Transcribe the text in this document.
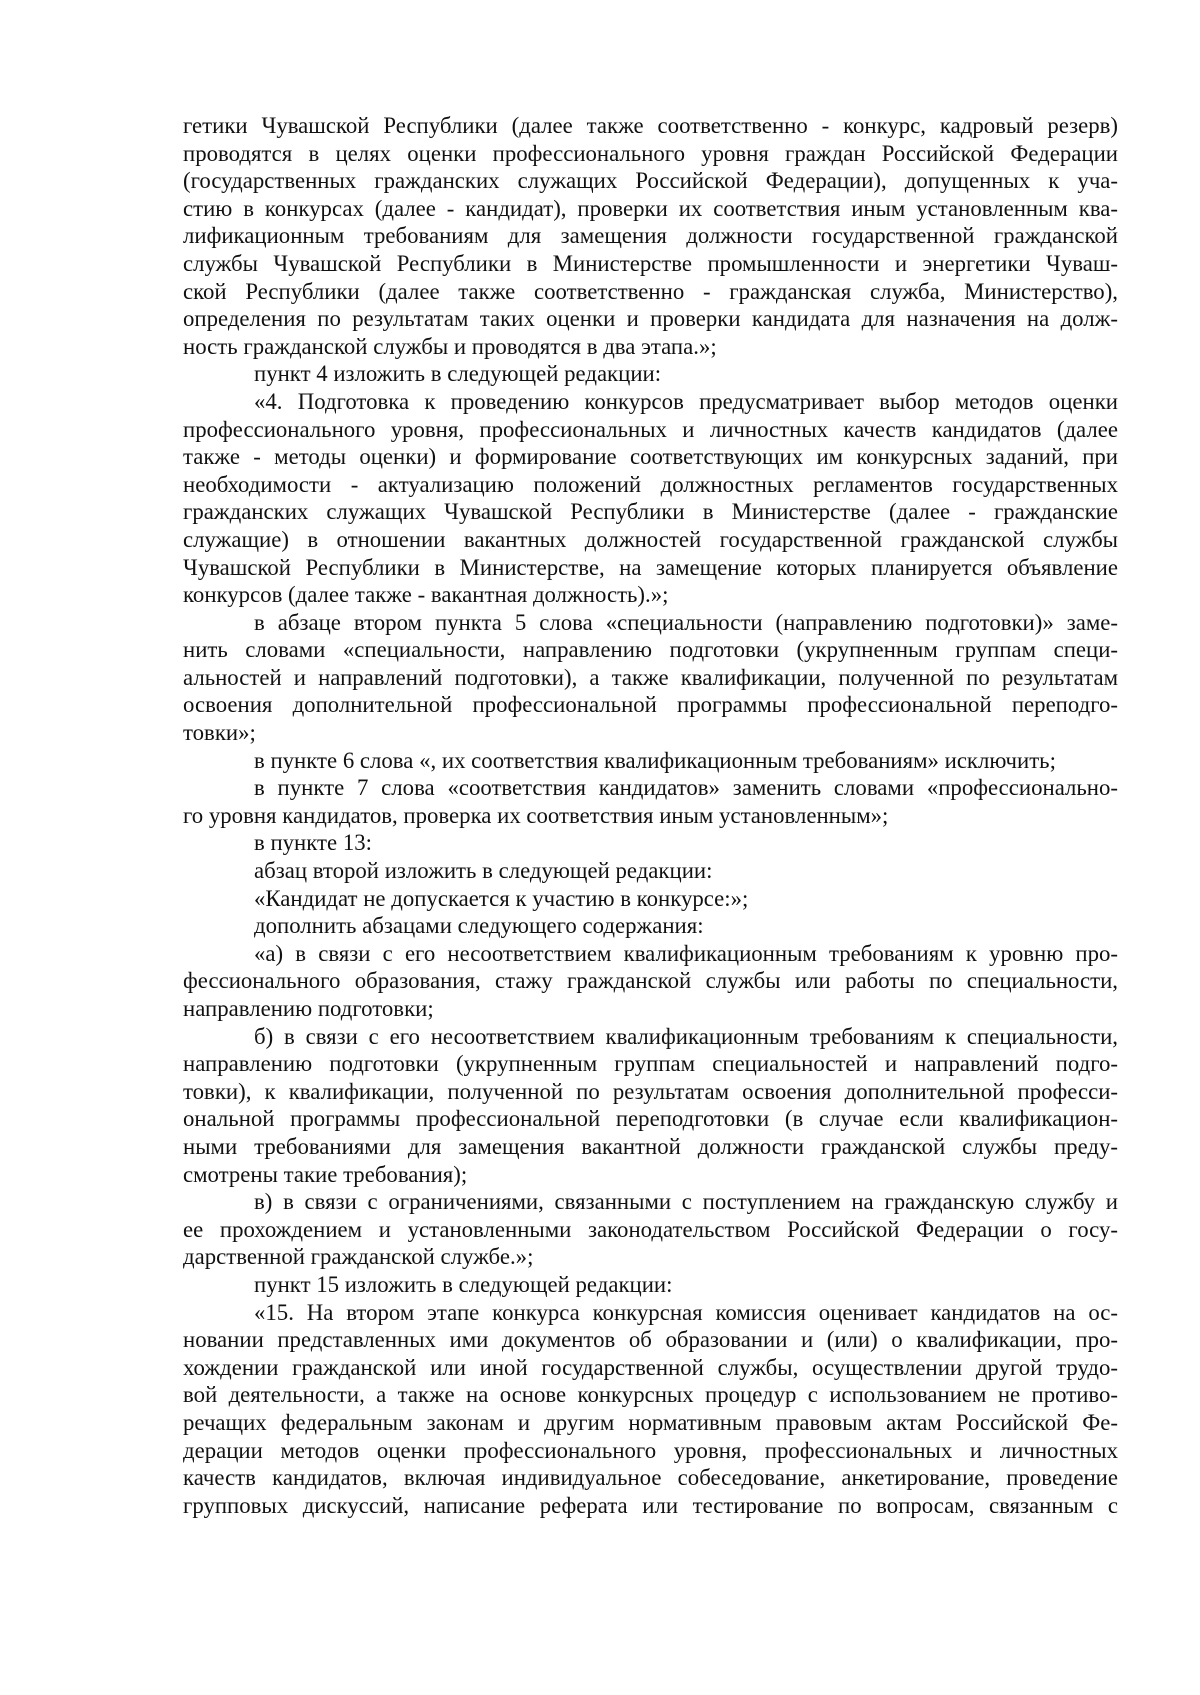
гетики Чувашской Республики (далее также соответственно - конкурс, кадровый резерв)
проводятся в целях оценки профессионального уровня граждан Российской Федерации
(государственных гражданских служащих Российской Федерации), допущенных к уча-
стию в конкурсах (далее - кандидат), проверки их соответствия иным установленным ква-
лификационным требованиям для замещения должности государственной гражданской
службы Чувашской Республики в Министерстве промышленности и энергетики Чуваш-
ской Республики (далее также соответственно - гражданская служба, Министерство),
определения по результатам таких оценки и проверки кандидата для назначения на долж-
ность гражданской службы и проводятся в два этапа.»;
пункт 4 изложить в следующей редакции:
«4. Подготовка к проведению конкурсов предусматривает выбор методов оценки
профессионального уровня, профессиональных и личностных качеств кандидатов (далее
также - методы оценки) и формирование соответствующих им конкурсных заданий, при
необходимости - актуализацию положений должностных регламентов государственных
гражданских служащих Чувашской Республики в Министерстве (далее - гражданские
служащие) в отношении вакантных должностей государственной гражданской службы
Чувашской Республики в Министерстве, на замещение которых планируется объявление
конкурсов (далее также - вакантная должность).»;
в абзаце втором пункта 5 слова «специальности (направлению подготовки)» заме-
нить словами «специальности, направлению подготовки (укрупненным группам специ-
альностей и направлений подготовки), а также квалификации, полученной по результатам
освоения дополнительной профессиональной программы профессиональной переподго-
товки»;
в пункте 6 слова «, их соответствия квалификационным требованиям» исключить;
в пункте 7 слова «соответствия кандидатов» заменить словами «профессионально-
го уровня кандидатов, проверка их соответствия иным установленным»;
в пункте 13:
абзац второй изложить в следующей редакции:
«Кандидат не допускается к участию в конкурсе:»;
дополнить абзацами следующего содержания:
«а) в связи с его несоответствием квалификационным требованиям к уровню про-
фессионального образования, стажу гражданской службы или работы по специальности,
направлению подготовки;
б) в связи с его несоответствием квалификационным требованиям к специальности,
направлению подготовки (укрупненным группам специальностей и направлений подго-
товки), к квалификации, полученной по результатам освоения дополнительной професси-
ональной программы профессиональной переподготовки (в случае если квалификацион-
ными требованиями для замещения вакантной должности гражданской службы преду-
смотрены такие требования);
в) в связи с ограничениями, связанными с поступлением на гражданскую службу и
ее прохождением и установленными законодательством Российской Федерации о госу-
дарственной гражданской службе.»;
пункт 15 изложить в следующей редакции:
«15. На втором этапе конкурса конкурсная комиссия оценивает кандидатов на ос-
новании представленных ими документов об образовании и (или) о квалификации, про-
хождении гражданской или иной государственной службы, осуществлении другой трудо-
вой деятельности, а также на основе конкурсных процедур с использованием не противо-
речащих федеральным законам и другим нормативным правовым актам Российской Фе-
дерации методов оценки профессионального уровня, профессиональных и личностных
качеств кандидатов, включая индивидуальное собеседование, анкетирование, проведение
групповых дискуссий, написание реферата или тестирование по вопросам, связанным с
